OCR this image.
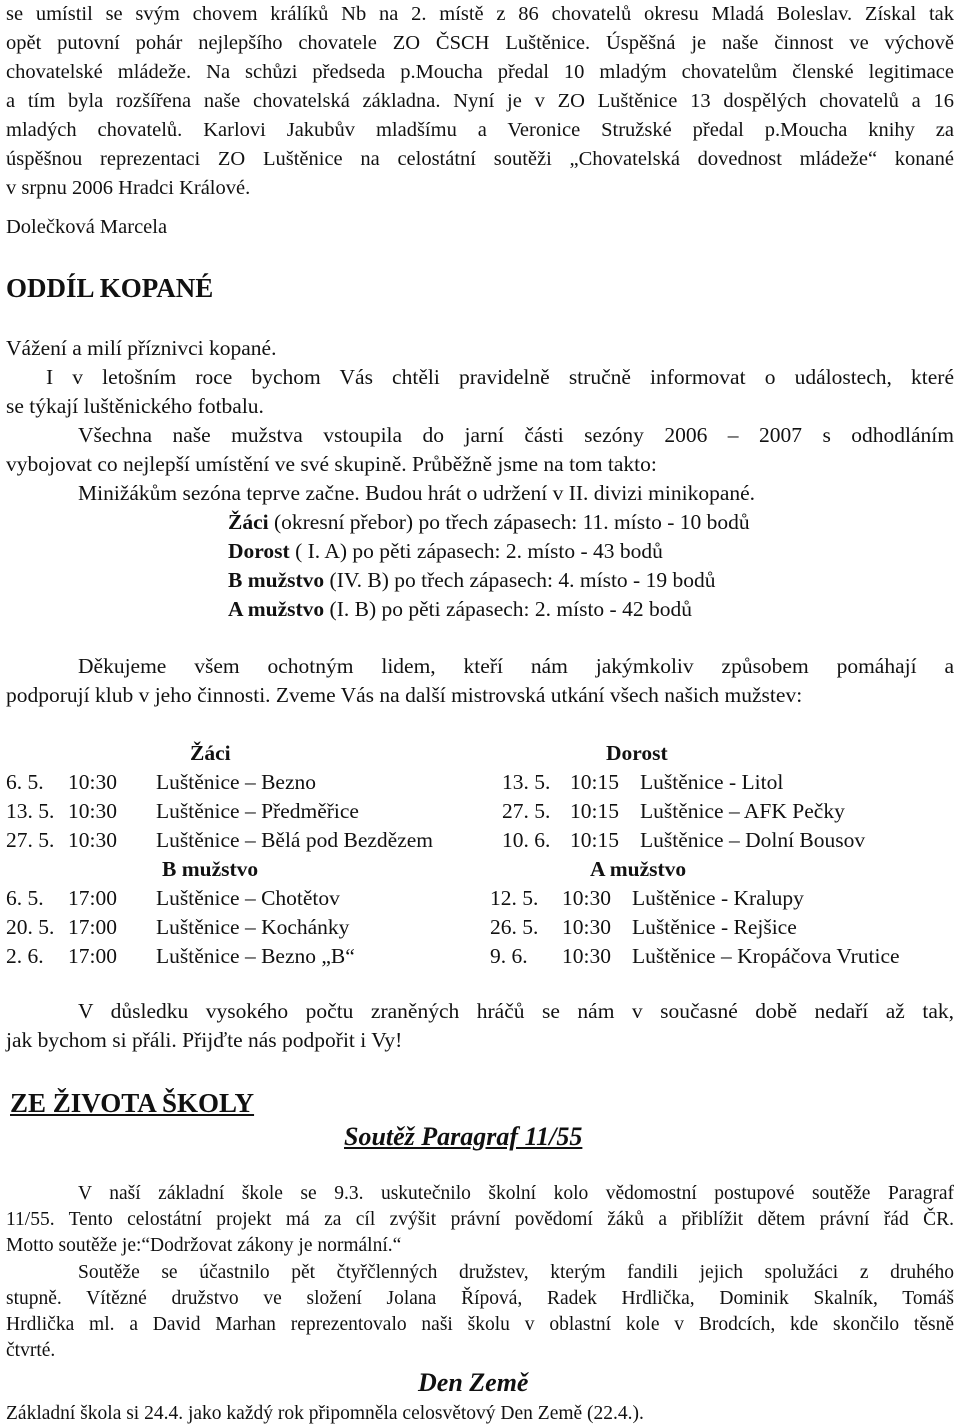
se umístil se svým chovem králíků Nb na 2. místě z 86 chovatelů okresu Mladá Boleslav. Získal tak
opět putovní pohár nejlepšího chovatele ZO ČSCH Luštěnice. Úspěšná je naše činnost ve výchově
chovatelské mládeže. Na schůzi předseda p.Moucha předal 10 mladým chovatelům členské legitimace
a tím byla rozšířena naše chovatelská základna. Nyní je v ZO Luštěnice 13 dospělých chovatelů a 16
mladých chovatelů. Karlovi Jakubův mladšímu a Veronice Stružské předal p.Moucha knihy za
úspěšnou reprezentaci ZO Luštěnice na celostátní soutěži „Chovatelská dovednost mládeže“ konané
v srpnu 2006 Hradci Králové.
Dolečková Marcela
ODDÍL KOPANÉ
Vážení a milí příznivci kopané.
I v letošním roce bychom Vás chtěli pravidelně stručně informovat o událostech, které
se týkají luštěnického fotbalu.
Všechna naše mužstva vstoupila do jarní části sezóny 2006 – 2007 s odhodláním
vybojovat co nejlepší umístění ve své skupině. Průběžně jsme na tom takto:
Minižákům sezóna teprve začne. Budou hrát o udržení v II. divizi minikopané.
Žáci (okresní přebor) po třech zápasech: 11. místo - 10 bodů
Dorost ( I. A) po pěti zápasech: 2. místo - 43 bodů
B mužstvo (IV. B) po třech zápasech: 4. místo - 19 bodů
A mužstvo (I. B) po pěti zápasech: 2. místo - 42 bodů
Děkujeme všem ochotným lidem, kteří nám jakýmkoliv způsobem pomáhají a
podporují klub v jeho činnosti. Zveme Vás na další mistrovská utkání všech našich mužstev:
Žáci	Dorost
B mužstvo	A mužstvo
6. 5. 10:30 Luštěnice – Bezno
13. 5. 10:30 Luštěnice – Předměřice
27. 5. 10:30 Luštěnice – Bělá pod Bezdězem
13. 5. 10:15 Luštěnice - Litol
27. 5. 10:15 Luštěnice – AFK Pečky
10. 6. 10:15 Luštěnice – Dolní Bousov
6. 5. 17:00 Luštěnice – Chotětov
20. 5. 17:00 Luštěnice – Kochánky
2. 6. 17:00 Luštěnice – Bezno „B“
12. 5. 10:30 Luštěnice - Kralupy
26. 5. 10:30 Luštěnice - Rejšice
9. 6. 10:30 Luštěnice – Kropáčova Vrutice
V důsledku vysokého počtu zraněných hráčů se nám v současné době nedaří až tak,
jak bychom si přáli. Přijďte nás podpořit i Vy!
ZE ŽIVOTA ŠKOLY
Soutěž Paragraf 11/55
V naší základní škole se 9.3. uskutečnilo školní kolo vědomostní postupové soutěže Paragraf
11/55. Tento celostátní projekt má za cíl zvýšit právní povědomí žáků a přiblížit dětem právní řád ČR.
Motto soutěže je:“Dodržovat zákony je normální.“
Soutěže se účastnilo pět čtyřčlenných družstev, kterým fandili jejich spolužáci z druhého
stupně. Vítězné družstvo ve složení Jolana Řípová, Radek Hrdlička, Dominik Skalník, Tomáš
Hrdlička ml. a David Marhan reprezentovalo naši školu v oblastní kole v Brodcích, kde skončilo těsně
čtvrté.
Den Země
Základní škola si 24.4. jako každý rok připomněla celosvětový Den Země (22.4.).
